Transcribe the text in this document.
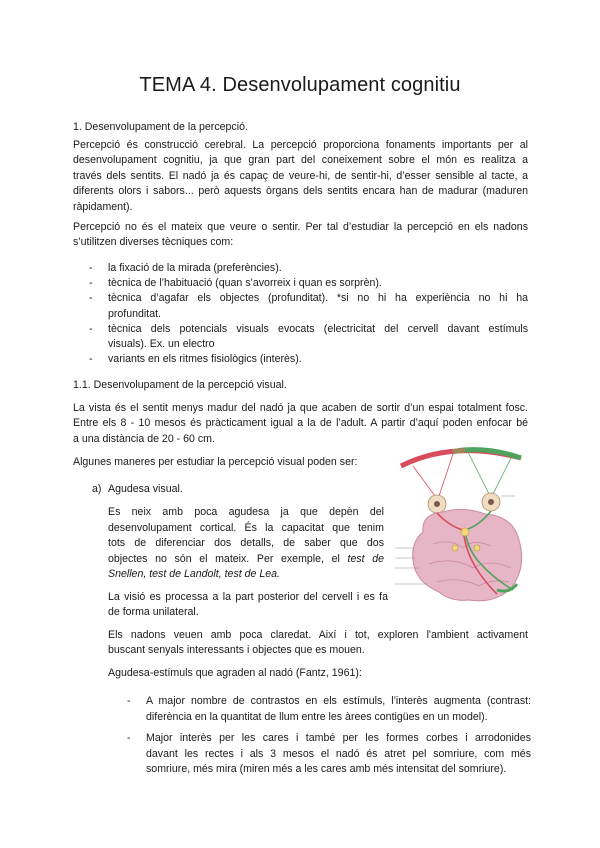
TEMA 4. Desenvolupament cognitiu
1. Desenvolupament de la percepció.
Percepció és construcció cerebral. La percepció proporciona fonaments importants per al
desenvolupament cognitiu, ja que gran part del coneixement sobre el món es realitza a
través dels sentits. El nadó ja és capaç de veure-hi, de sentir-hi, d’esser sensible al tacte, a
diferents olors i sabors... però aquests òrgans dels sentits encara han de madurar (maduren
ràpidament).
Percepció no és el mateix que veure o sentir. Per tal d’estudiar la percepció en els nadons
s’utilitzen diverses tècniques com:
- la fixació de la mirada (preferències).
- tècnica de l’habituació (quan s’avorreix i quan es sorprèn).
- tècnica d’agafar els objectes (profunditat). *si no hi ha experiència no hi ha
profunditat.
- tècnica dels potencials visuals evocats (electricitat del cervell davant estímuls
visuals). Ex. un electro
- variants en els ritmes fisiològics (interès).
1.1. Desenvolupament de la percepció visual.
La vista és el sentit menys madur del nadó ja que acaben de sortir d’un espai totalment fosc.
Entre els 8 - 10 mesos és pràcticament igual a la de l’adult. A partir d’aquí poden enfocar bé
a una distància de 20 - 60 cm.
Algunes maneres per estudiar la percepció visual poden ser:
a) Agudesa visual.
Es neix amb poca agudesa ja que depèn del
desenvolupament cortical. És la capacitat que tenim
tots de diferenciar dos detalls, de saber que dos
objectes no són el mateix. Per exemple, el test de
Snellen, test de Landolt, test de Lea.
La visió es processa a la part posterior del cervell i es fa
de forma unilateral.
Els nadons veuen amb poca claredat. Així i tot, exploren l'ambient activament
buscant senyals interessants i objectes que es mouen.
Agudesa-estímuls que agraden al nadó (Fantz, 1961):
- A major nombre de contrastos en els estímuls, l’interès augmenta (contrast:
diferència en la quantitat de llum entre les àrees contigües en un model).
- Major interès per les cares i també per les formes corbes i arrodonides
davant les rectes i als 3 mesos el nadó és atret pel somriure, com més
somriure, més mira (miren més a les cares amb més intensitat del somriure).
